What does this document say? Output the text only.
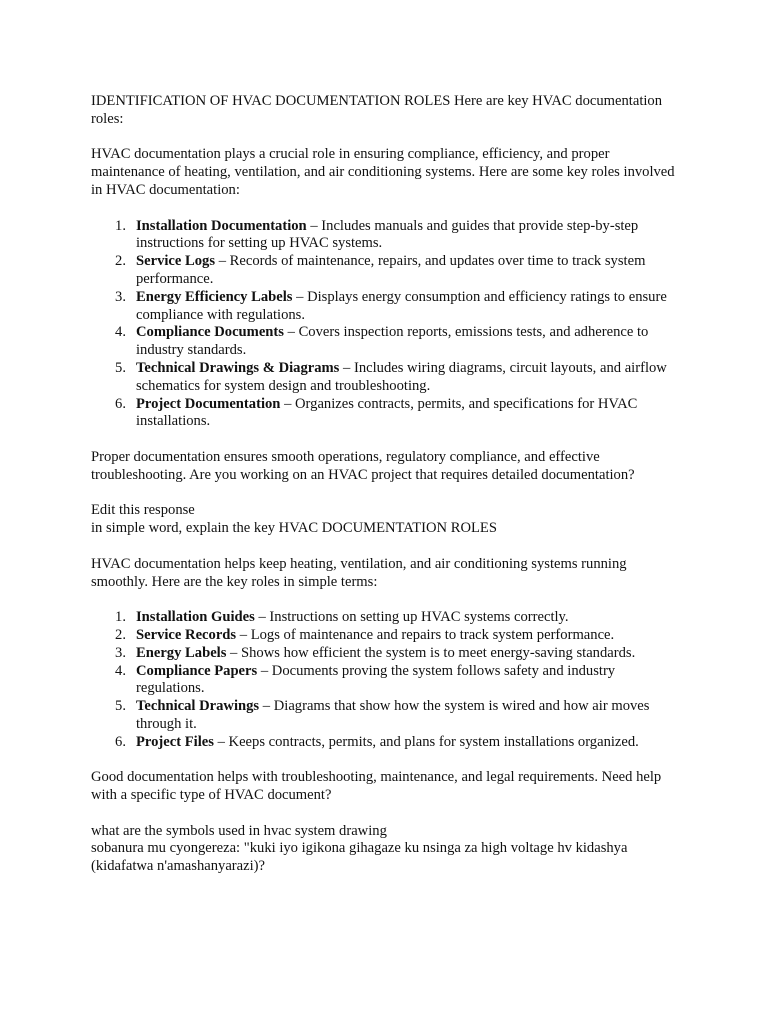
IDENTIFICATION OF HVAC DOCUMENTATION ROLES Here are key HVAC documentation roles:

HVAC documentation plays a crucial role in ensuring compliance, efficiency, and proper maintenance of heating, ventilation, and air conditioning systems. Here are some key roles involved in HVAC documentation:

1. Installation Documentation – Includes manuals and guides that provide step-by-step instructions for setting up HVAC systems.
2. Service Logs – Records of maintenance, repairs, and updates over time to track system performance.
3. Energy Efficiency Labels – Displays energy consumption and efficiency ratings to ensure compliance with regulations.
4. Compliance Documents – Covers inspection reports, emissions tests, and adherence to industry standards.
5. Technical Drawings & Diagrams – Includes wiring diagrams, circuit layouts, and airflow schematics for system design and troubleshooting.
6. Project Documentation – Organizes contracts, permits, and specifications for HVAC installations.

Proper documentation ensures smooth operations, regulatory compliance, and effective troubleshooting. Are you working on an HVAC project that requires detailed documentation?

Edit this response

in simple word, explain the key HVAC DOCUMENTATION ROLES

HVAC documentation helps keep heating, ventilation, and air conditioning systems running smoothly. Here are the key roles in simple terms:

1. Installation Guides – Instructions on setting up HVAC systems correctly.
2. Service Records – Logs of maintenance and repairs to track system performance.
3. Energy Labels – Shows how efficient the system is to meet energy-saving standards.
4. Compliance Papers – Documents proving the system follows safety and industry regulations.
5. Technical Drawings – Diagrams that show how the system is wired and how air moves through it.
6. Project Files – Keeps contracts, permits, and plans for system installations organized.

Good documentation helps with troubleshooting, maintenance, and legal requirements. Need help with a specific type of HVAC document?

what are the symbols used in hvac system drawing

sobanura mu cyongereza: "kuki iyo igikona gihagaze ku nsinga za high voltage hv kidashya (kidafatwa n'amashanyarazi)?
